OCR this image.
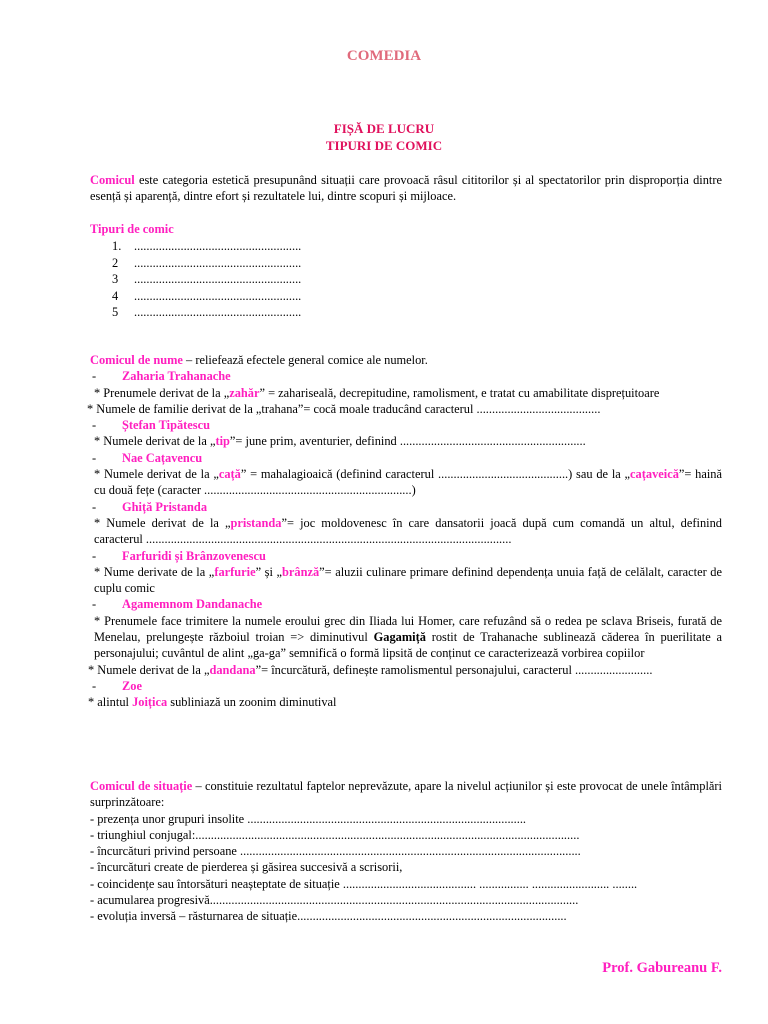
COMEDIA
FIȘĂ DE LUCRU
TIPURI DE COMIC
Comicul este categoria estetică presupunând situații care provoacă râsul cititorilor și al spectatorilor prin disproporția dintre esență și aparență, dintre efort și rezultatele lui, dintre scopuri și mijloace.
Tipuri de comic
1. ......................................................
2 ......................................................
3 ......................................................
4 ......................................................
5 ......................................................
Comicul de nume – reliefează efectele general comice ale numelor.
- Zaharia Trahanache
* Prenumele derivat de la „zahăr” = zahariseală, decrepitudine, ramolisment, e tratat cu amabilitate disprețuitoare
* Numele de familie derivat de la „trahana”= cocă moale traducând caracterul ........................................
- Ștefan Tipătescu
* Numele derivat de la „tip”= june prim, aventurier, definind ............................................................
- Nae Cațavencu
* Numele derivat de la „cață” = mahalagioaică (definind caracterul ..........................................) sau de la „cațaveică”= haină cu două fețe (caracter ...................................................................)
- Ghiță Pristanda
* Numele derivat de la „pristanda”= joc moldovenesc în care dansatorii joacă după cum comandă un altul, definind caracterul ......................................................................................................................
- Farfuridi și Brânzovenescu
* Nume derivate de la „farfurie” și „brânză”= aluzii culinare primare definind dependența unuia față de celălalt, caracter de cuplu comic
- Agamemnom Dandanache
* Prenumele face trimitere la numele eroului grec din Iliada lui Homer, care refuzând să o redea pe sclava Briseis, furată de Menelau, prelungește războiul troian => diminutivul Gagamiță rostit de Trahanache sublinează căderea în puerilitate a personajului; cuvântul de alint „ga-ga” semnifică o formă lipsită de conținut ce caracterizează vorbirea copiilor
* Numele derivat de la „dandana”= încurcătură, definește ramolismentul personajului, caracterul .........................
- Zoe
* alintul Joițica subliniază un zoonim diminutival
Comicul de situație – constituie rezultatul faptelor neprevăzute, apare la nivelul acțiunilor și este provocat de unele întâmplări surprinzătoare:
- prezența unor grupuri insolite ..........................................................................................
- triunghiul conjugal:............................................................................................................................
- încurcături privind persoane ..............................................................................................................
- încurcături create de pierderea și găsirea succesivă a scrisorii,
- coincidențe sau întorsături neașteptate de situație ........................................... ................ ......................... ........
- acumularea progresivă.......................................................................................................................
- evoluția inversă – răsturnarea de situație.......................................................................................
Prof. Gabureanu F.
